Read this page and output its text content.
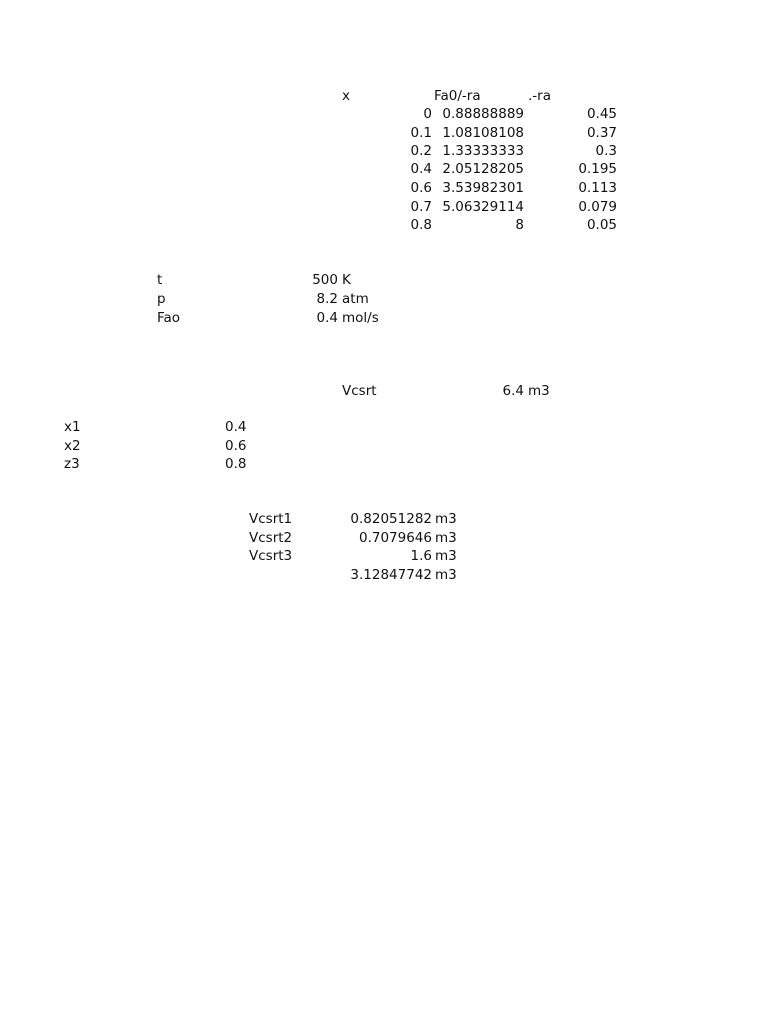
x	Fa0/-ra	.-ra
0 0.88888889	0.45
0.1 1.08108108	0.37
0.2 1.33333333	0.3
0.4 2.05128205	0.195
0.6 3.53982301	0.113
0.7 5.06329114	0.079
0.8	8	0.05
t	500 K
p	8.2 atm
Fao	0.4 mol/s
Vcsrt	6.4 m3
x1	0.4
x2	0.6
z3	0.8
Vcsrt1	0.82051282 m3
Vcsrt2	0.7079646 m3
Vcsrt3	1.6 m3
3.12847742 m3
